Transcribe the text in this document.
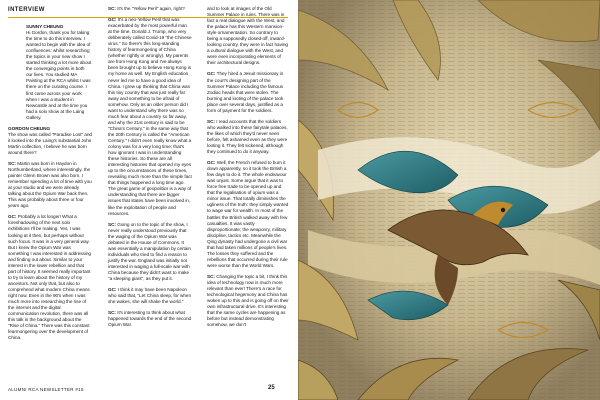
INTERVIEW
SUNNY CHEUNG
Hi Gordon, thank you for taking the time to do this interview. I wanted to begin with the idea of confluences: whilst researching the topics in your new show I started thinking a lot more about the converging points in both our lives. You studied MA Painting at the RCA whilst I was there on the curating course. I first came across your work when I was a student in Newcastle and at the time you had a solo show at the Laing Gallery.
GORDON CHEUNG
The show was called "Paradise Lost" and it looked into the Laing's substantial John Martin collection, I believe he was born around there?
SC: Martin was born in Haydon in Northumberland, where interestingly, the painter Glenn Brown was also born. I remember spending a lot of time with you at your studio and we were already talking about the Opium War back then. This was probably about three or four years ago.
GC: Probably a lot longer! What a foreshadowing of the next solo exhibitions I'll be making. Yes, I was looking at it then, but perhaps without such focus. It was in a very general way. But I knew the Opium War was something I was interested in addressing and finding out about. Similar to your interest in the lower rebellion and that part of history. It seemed really important to try to learn about the history of my ancestors. Not only that, but also to comprehend what modern China means right now. Even in the 90's when I was much more into researching the rise of the internet and the digital communication revolution, there was all this talk in the background about the "Rise of China." There was this constant fearmongering over the development of China.
SC: It's the "Yellow Peril" again, right?
GC: It's a neo-Yellow Peril that was exacerbated by the most powerful man at the time, Donald J. Trump, who very deliberately called Covid-19 "the Chinese virus." So there's this long-standing history of fearmongering of China (whether rightly or wrongly). My parents are from Hong Kong and I've always been brought up to believe Hong Kong is my home as well. My English education never led me to have a good idea of China. I grew up thinking that China was this tiny country that was just really far away and something to be afraid of somehow. Only as an older person did I want to understand why there was so much fear about a country so far away, and why the 21st century is said to be "China's Century," in the same way that the 20th Century is called the "American Century." I didn't even really know what a colony was for a very long time; that's how ignorant I was in understanding these histories. So these are all interesting histories that opened my eyes up to the circumstances of these times, revealing much more than the simple fact that things happened a long time ago. The great game of geopolitics is a way of understanding that there are bigger issues that states have been involved in, like the exploitation of people and resources.
SC: Going on to the topic of the show, I never really understood previously that the waging of the Opium War was debated in the House of Commons. It was essentially a manipulation by certain individuals who tried to find a reason to justify the war. England was initially not interested in waging a full-scale war with China because they didn't want to make "a sleeping giant", as they put it.
GC: I think it may have been Napoleon who said that, "Let China sleep, for when she wakes, she will shake the world."
SC: It's interesting to think about what happened towards the end of the second Opium War
and to look at images of the Old Summer Palace in ruins. There was in fact a real dialogue with the West, and the palace has this Western mansion-style ornamentation. So contrary to being a supposedly closed-off, inward-looking country, they were in fact having a cultural dialogue with the West, and were even incorporating elements of their architectural designs.
GC: They hired a Jesuit missionary in the court's designing part of the Summer Palace including the famous Zodiac heads that were stolen. The burning and looting of the palace took place over several days, justified as a form of payment for the soldiers.
SC: I read accounts that the soldiers who walked into these fairytale palaces, the likes of which they'd never seen before, felt ashamed even as they were looting it. They felt sickened, although they continued to do it anyway.
GC: Well, the French refused to burn it down apparently, so it took the British a few days to do it. The whole endeavour was unjust. Some argue that it was to force free trade to be opened up and that the legalisation of opium was a minor issue. That totally diminishes the ugliness of the truth: they simply wanted to wage war for wealth. In most of the battles the British walked away with few casualties. It was vastly disproportionate; the weaponry, military discipline, tactics etc. Meanwhile the Qing dynasty had undergone a civil war that had taken millions of people's lives. The losses they suffered and the rebellions that occurred during their rule were worse than the World Wars.
SC: Changing the topic a bit, I think this idea of technology now is much more relevant than ever! There's a race for technological hegemony and China has woken up to this and is going off on their own infrastructural drive. It's interesting that the same cycles are happening as before but instead demonstrating somehow, we don't
ALUMNI RCA NEWSLETTER #15	25
